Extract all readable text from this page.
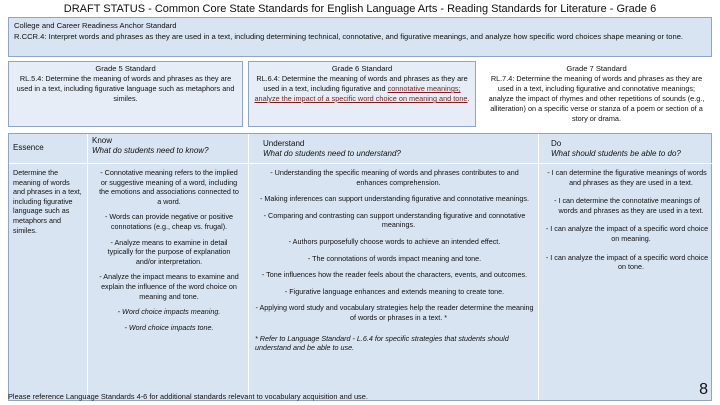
DRAFT STATUS - Common Core State Standards for English Language Arts - Reading Standards for Literature - Grade 6
College and Career Readiness Anchor Standard
R.CCR.4: Interpret words and phrases as they are used in a text, including determining technical, connotative, and figurative meanings, and analyze how specific word choices shape meaning or tone.
Grade 5 Standard
RL.5.4: Determine the meaning of words and phrases as they are used in a text, including figurative language such as metaphors and similes.
Grade 6 Standard
RL.6.4: Determine the meaning of words and phrases as they are used in a text, including figurative and connotative meanings; analyze the impact of a specific word choice on meaning and tone.
Grade 7 Standard
RL.7.4: Determine the meaning of words and phrases as they are used in a text, including figurative and connotative meanings; analyze the impact of rhymes and other repetitions of sounds (e.g., alliteration) on a specific verse or stanza of a poem or section of a story or drama.
Essence
Determine the meaning of words and phrases in a text, including figurative language such as metaphors and similes.
Know
What do students need to know?
- Connotative meaning refers to the implied or suggestive meaning of a word, including the emotions and associations connected to a word.
- Words can provide negative or positive connotations (e.g., cheap vs. frugal).
- Analyze means to examine in detail typically for the purpose of explanation and/or interpretation.
- Analyze the impact means to examine and explain the influence of the word choice on meaning and tone.
- Word choice impacts meaning.
- Word choice impacts tone.
Understand
What do students need to understand?
- Understanding the specific meaning of words and phrases contributes to and enhances comprehension.
- Making inferences can support understanding figurative and connotative meanings.
- Comparing and contrasting can support understanding figurative and connotative meanings.
- Authors purposefully choose words to achieve an intended effect.
- The connotations of words impact meaning and tone.
- Tone influences how the reader feels about the characters, events, and outcomes.
- Figurative language enhances and extends meaning to create tone.
- Applying word study and vocabulary strategies help the reader determine the meaning of words or phrases in a text. *
* Refer to Language Standard - L.6.4 for specific strategies that students should understand and be able to use.
Do
What should students be able to do?
- I can determine the figurative meanings of words and phrases as they are used in a text.
- I can determine the connotative meanings of words and phrases as they are used in a text.
- I can analyze the impact of a specific word choice on meaning.
- I can analyze the impact of a specific word choice on tone.
Please reference Language Standards 4-6 for additional standards relevant to vocabulary acquisition and use.	8
